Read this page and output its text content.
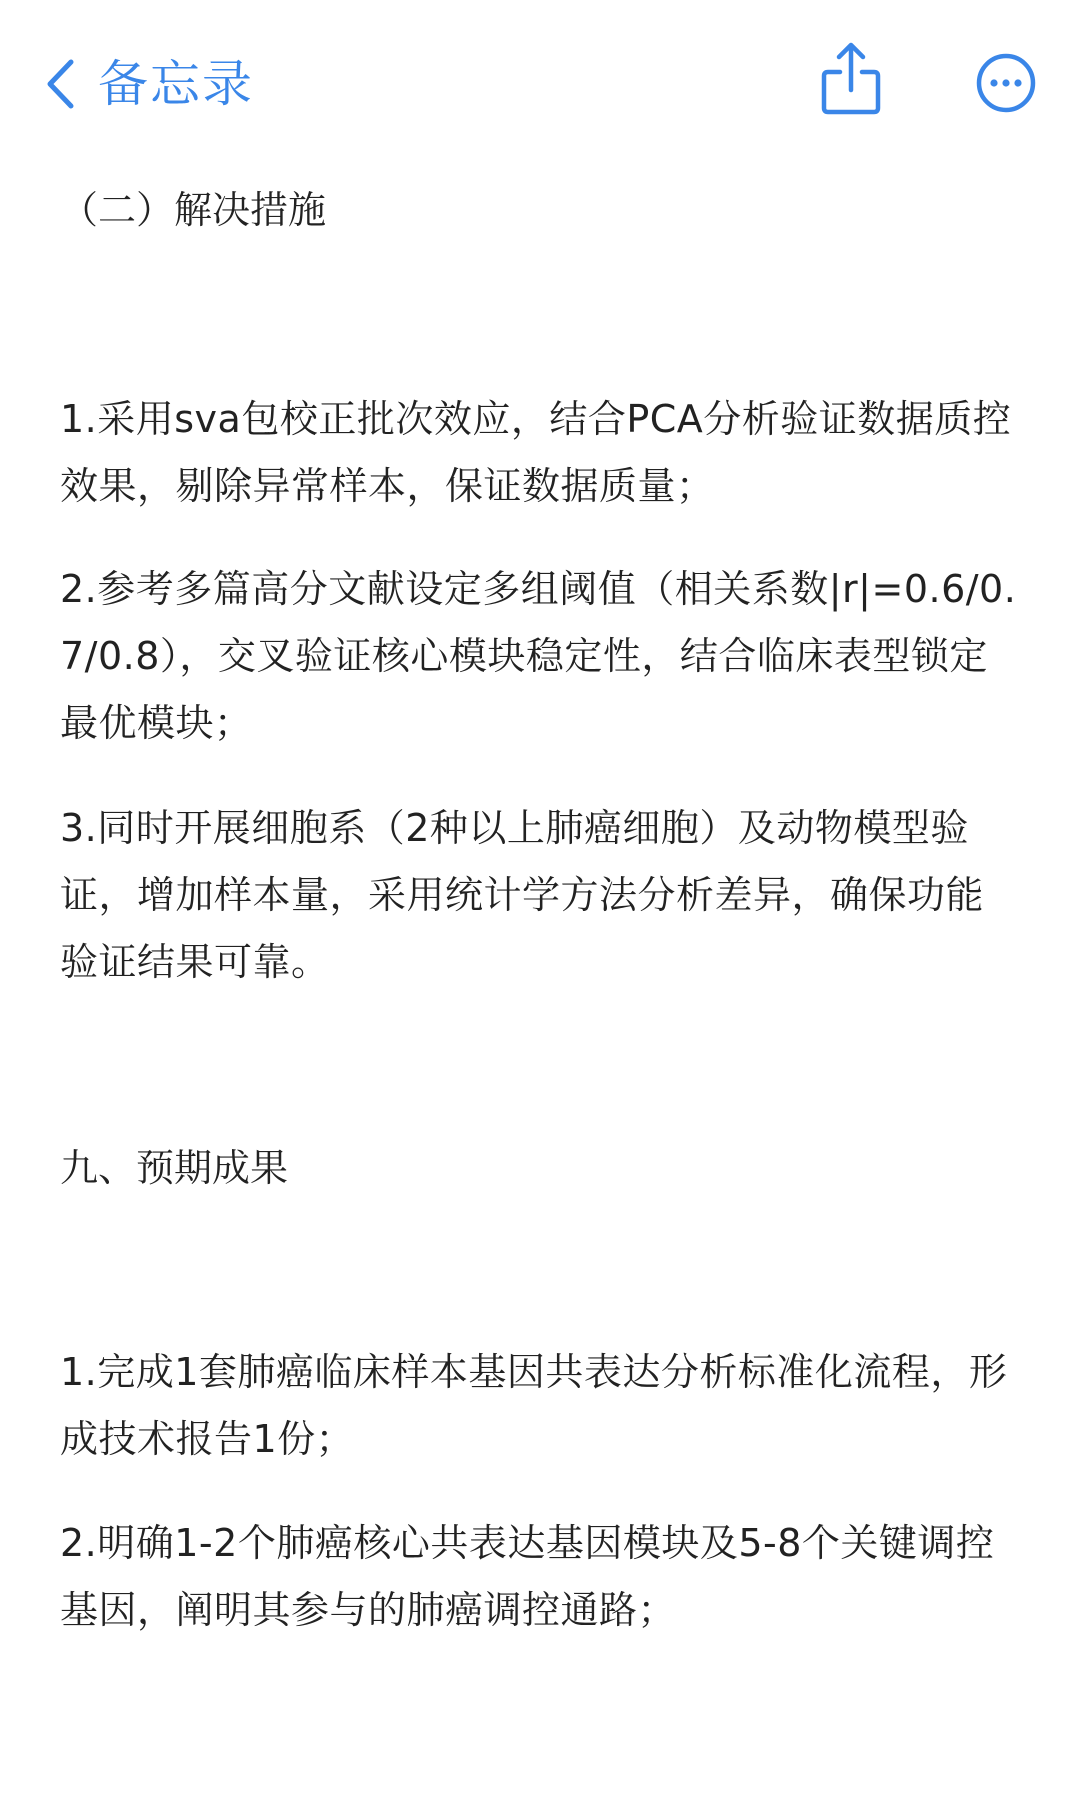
备忘录
（二）解决措施
1.采用sva包校正批次效应，结合PCA分析验证数据质控效果，剔除异常样本，保证数据质量；
2.参考多篇高分文献设定多组阈值（相关系数|r|=0.6/0.7/0.8），交叉验证核心模块稳定性，结合临床表型锁定最优模块；
3.同时开展细胞系（2种以上肺癌细胞）及动物模型验证，增加样本量，采用统计学方法分析差异，确保功能验证结果可靠。
九、预期成果
1.完成1套肺癌临床样本基因共表达分析标准化流程，形成技术报告1份；
2.明确1-2个肺癌核心共表达基因模块及5-8个关键调控基因，阐明其参与的肺癌调控通路；
